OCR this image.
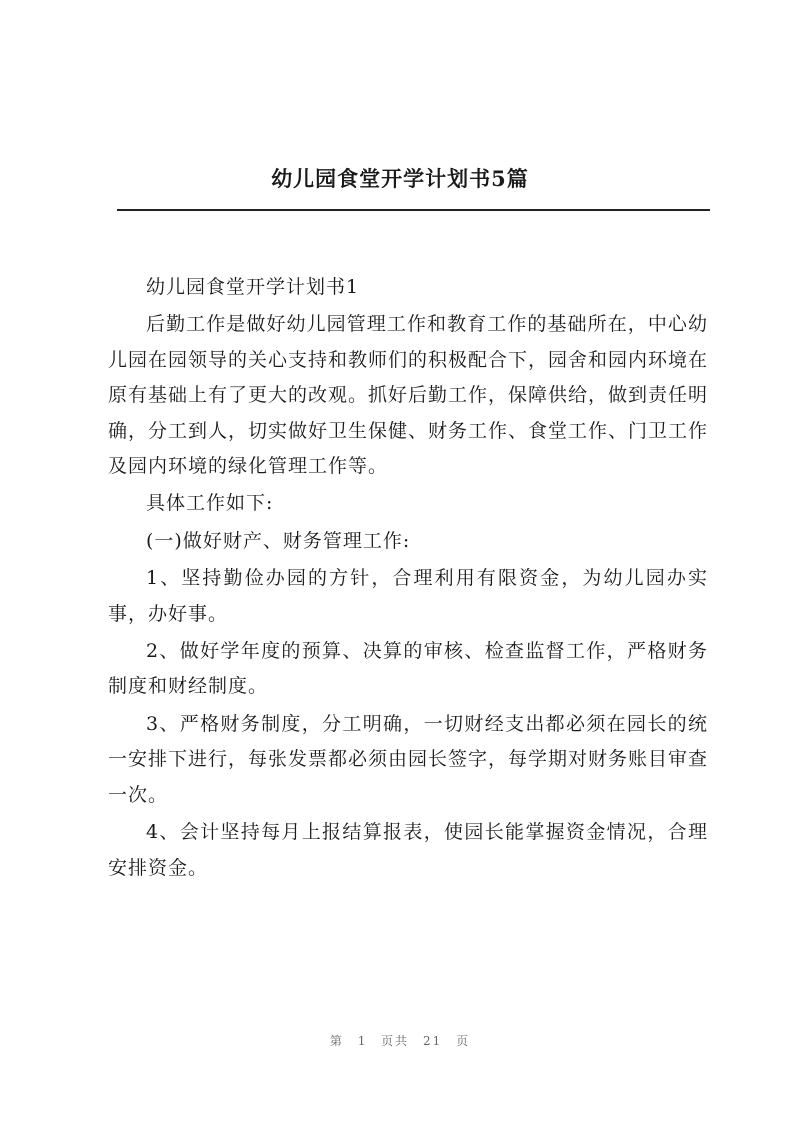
幼儿园食堂开学计划书5篇

幼儿园食堂开学计划书1

后勤工作是做好幼儿园管理工作和教育工作的基础所在，中心幼儿园在园领导的关心支持和教师们的积极配合下，园舍和园内环境在原有基础上有了更大的改观。抓好后勤工作，保障供给，做到责任明确，分工到人，切实做好卫生保健、财务工作、食堂工作、门卫工作及园内环境的绿化管理工作等。

具体工作如下:

(一)做好财产、财务管理工作:

1、坚持勤俭办园的方针，合理利用有限资金，为幼儿园办实事，办好事。

2、做好学年度的预算、决算的审核、检查监督工作，严格财务制度和财经制度。

3、严格财务制度，分工明确，一切财经支出都必须在园长的统一安排下进行，每张发票都必须由园长签字，每学期对财务账目审查一次。

4、会计坚持每月上报结算报表，使园长能掌握资金情况，合理安排资金。

第 1 页共 21 页
